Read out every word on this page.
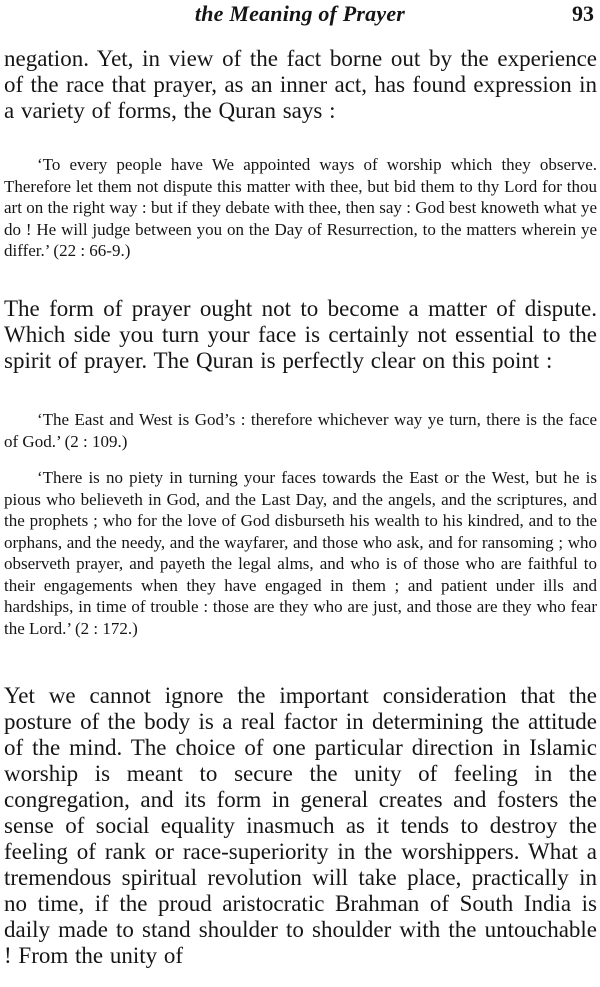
the Meaning of Prayer	93

negation. Yet, in view of the fact borne out by the experience of the race that prayer, as an inner act, has found expression in a variety of forms, the Quran says :

‘To every people have We appointed ways of worship which they observe. Therefore let them not dispute this matter with thee, but bid them to thy Lord for thou art on the right way : but if they debate with thee, then say : God best knoweth what ye do ! He will judge between you on the Day of Resurrection, to the matters wherein ye differ.’ (22 : 66-9.)

The form of prayer ought not to become a matter of dispute. Which side you turn your face is certainly not essential to the spirit of prayer. The Quran is perfectly clear on this point :

‘The East and West is God’s : therefore whichever way ye turn, there is the face of God.’ (2 : 109.)

‘There is no piety in turning your faces towards the East or the West, but he is pious who believeth in God, and the Last Day, and the angels, and the scriptures, and the prophets ; who for the love of God disburseth his wealth to his kindred, and to the orphans, and the needy, and the wayfarer, and those who ask, and for ransoming ; who observeth prayer, and payeth the legal alms, and who is of those who are faithful to their engagements when they have engaged in them ; and patient under ills and hardships, in time of trouble : those are they who are just, and those are they who fear the Lord.’ (2 : 172.)

Yet we cannot ignore the important consideration that the posture of the body is a real factor in determining the attitude of the mind. The choice of one particular direction in Islamic worship is meant to secure the unity of feeling in the congregation, and its form in general creates and fosters the sense of social equality inasmuch as it tends to destroy the feeling of rank or race-superiority in the worshippers. What a tremendous spiritual revolution will take place, practically in no time, if the proud aristocratic Brahman of South India is daily made to stand shoulder to shoulder with the untouchable ! From the unity of
